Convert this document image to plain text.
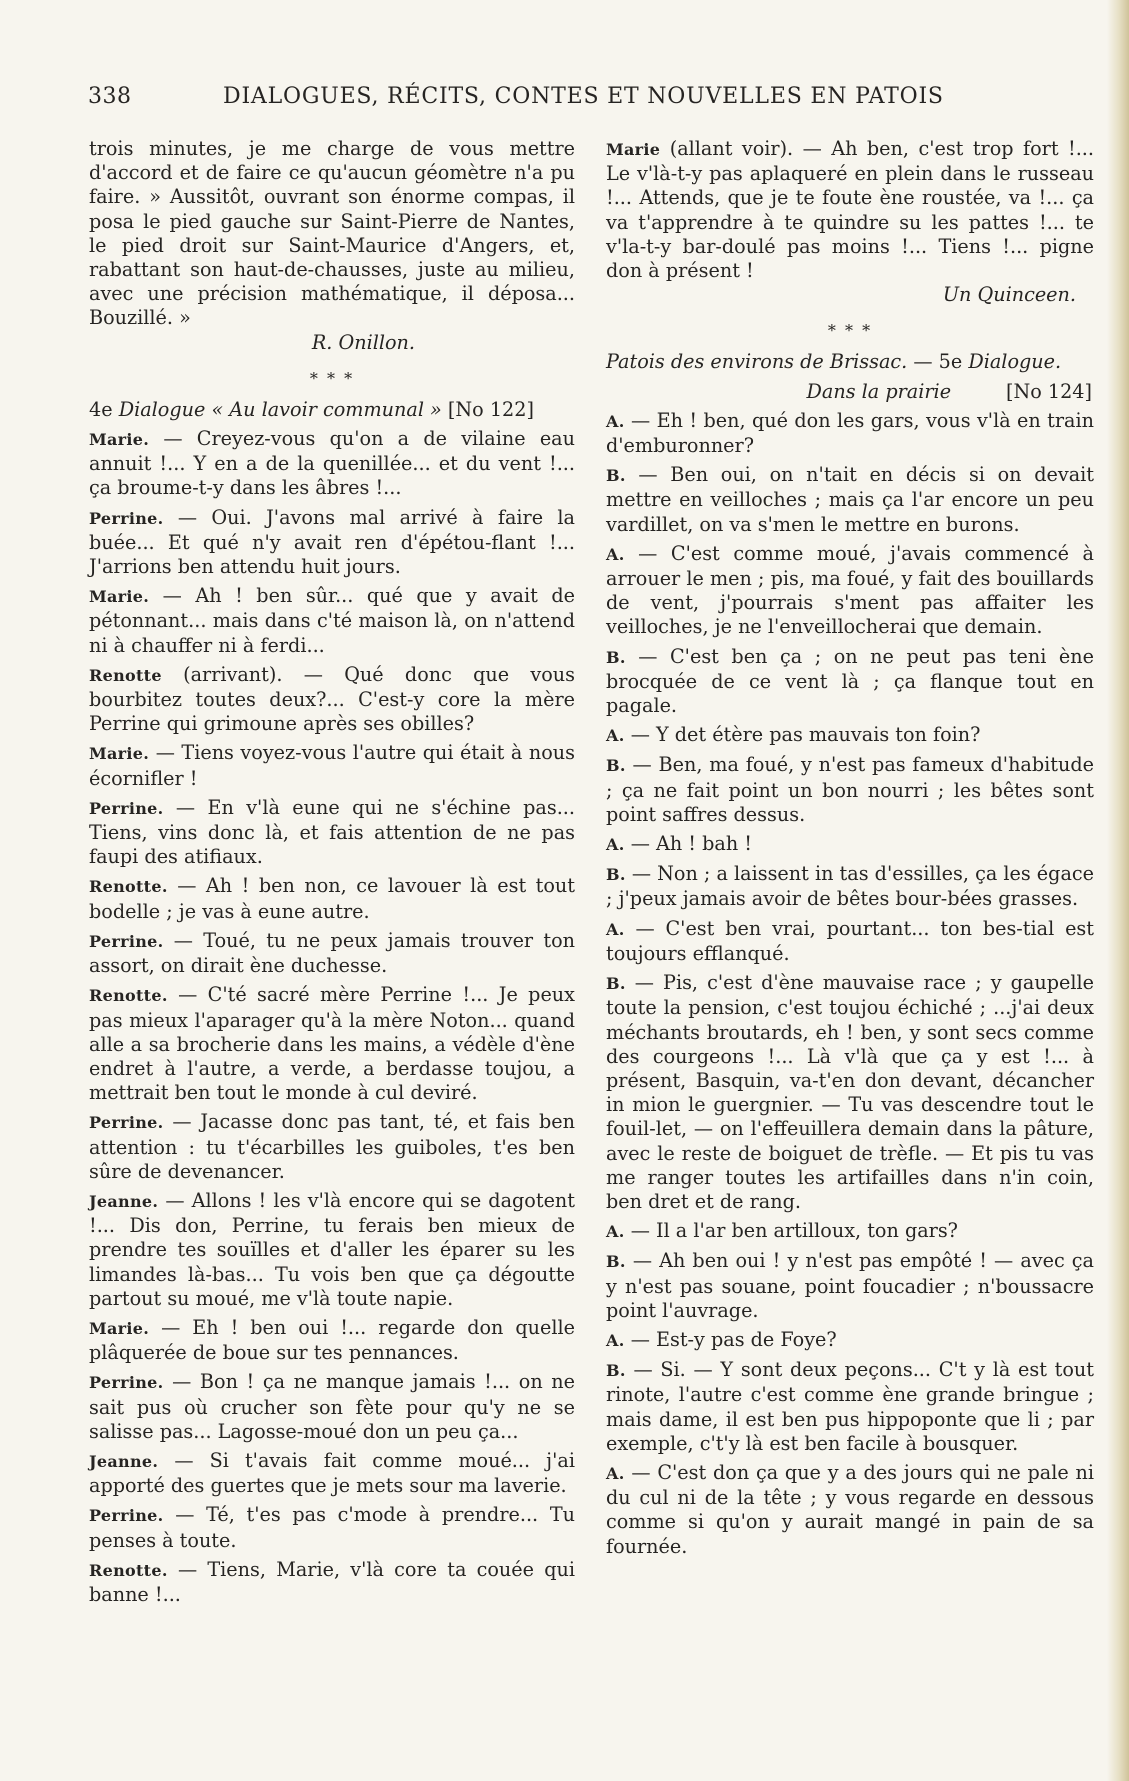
338	DIALOGUES, RÉCITS, CONTES ET NOUVELLES EN PATOIS

trois minutes, je me charge de vous mettre d'accord et de faire ce qu'aucun géomètre n'a pu faire. » Aussitôt, ouvrant son énorme compas, il posa le pied gauche sur Saint-Pierre de Nantes, le pied droit sur Saint-Maurice d'Angers, et, rabattant son haut-de-chausses, juste au milieu, avec une précision mathématique, il déposa... Bouzillé. »

R. Onillon.

* * *

4e Dialogue « Au lavoir communal » [No 122]

Marie. — Creyez-vous qu'on a de vilaine eau annuit !... Y en a de la quenillée... et du vent !... ça broume-t-y dans les âbres !...

Perrine. — Oui. J'avons mal arrivé à faire la buée... Et qué n'y avait ren d'épétou-flant !... J'arrions ben attendu huit jours.

Marie. — Ah ! ben sûr... qué que y avait de pétonnant... mais dans c'té maison là, on n'attend ni à chauffer ni à ferdi...

Renotte (arrivant). — Qué donc que vous bourbitez toutes deux?... C'est-y core la mère Perrine qui grimoune après ses obilles?

Marie. — Tiens voyez-vous l'autre qui était à nous écornifler !

Perrine. — En v'là eune qui ne s'échine pas... Tiens, vins donc là, et fais attention de ne pas faupi des atifiaux.

Renotte. — Ah ! ben non, ce lavouer là est tout bodelle ; je vas à eune autre.

Perrine. — Toué, tu ne peux jamais trouver ton assort, on dirait ène duchesse.

Renotte. — C'té sacré mère Perrine !... Je peux pas mieux l'aparager qu'à la mère Noton... quand alle a sa brocherie dans les mains, a védèle d'ène endret à l'autre, a verde, a berdasse toujou, a mettrait ben tout le monde à cul deviré.

Perrine. — Jacasse donc pas tant, té, et fais ben attention : tu t'écarbilles les guiboles, t'es ben sûre de devenancer.

Jeanne. — Allons ! les v'là encore qui se dagotent !... Dis don, Perrine, tu ferais ben mieux de prendre tes souïlles et d'aller les éparer su les limandes là-bas... Tu vois ben que ça dégoutte partout su moué, me v'là toute napie.

Marie. — Eh ! ben oui !... regarde don quelle plâquerée de boue sur tes pennances.

Perrine. — Bon ! ça ne manque jamais !... on ne sait pus où crucher son fète pour qu'y ne se salisse pas... Lagosse-moué don un peu ça...

Jeanne. — Si t'avais fait comme moué... j'ai apporté des guertes que je mets sour ma laverie.

Perrine. — Té, t'es pas c'mode à prendre... Tu penses à toute.

Renotte. — Tiens, Marie, v'là core ta couée qui banne !...

Marie (allant voir). — Ah ben, c'est trop fort !... Le v'là-t-y pas aplaqueré en plein dans le russeau !... Attends, que je te foute ène roustée, va !... ça va t'apprendre à te quindre su les pattes !... te v'la-t-y bar-doulé pas moins !... Tiens !... pigne don à présent !

Un Quinceen.

* * *

Patois des environs de Brissac. — 5e Dialogue.

Dans la prairie	[No 124]

A. — Eh ! ben, qué don les gars, vous v'là en train d'emburonner?

B. — Ben oui, on n'tait en décis si on devait mettre en veilloches ; mais ça l'ar encore un peu vardillet, on va s'men le mettre en burons.

A. — C'est comme moué, j'avais commencé à arrouer le men ; pis, ma foué, y fait des bouillards de vent, j'pourrais s'ment pas affaiter les veilloches, je ne l'enveillocherai que demain.

B. — C'est ben ça ; on ne peut pas teni ène brocquée de ce vent là ; ça flanque tout en pagale.

A. — Y det étère pas mauvais ton foin?

B. — Ben, ma foué, y n'est pas fameux d'habitude ; ça ne fait point un bon nourri ; les bêtes sont point saffres dessus.

A. — Ah ! bah !

B. — Non ; a laissent in tas d'essilles, ça les égace ; j'peux jamais avoir de bêtes bour-bées grasses.

A. — C'est ben vrai, pourtant... ton bes-tial est toujours efflanqué.

B. — Pis, c'est d'ène mauvaise race ; y gaupelle toute la pension, c'est toujou échiché ; ...j'ai deux méchants broutards, eh ! ben, y sont secs comme des courgeons !... Là v'là que ça y est !... à présent, Basquin, va-t'en don devant, décancher in mion le guergnier. — Tu vas descendre tout le fouil-let, — on l'effeuillera demain dans la pâture, avec le reste de boiguet de trèfle. — Et pis tu vas me ranger toutes les artifailles dans n'in coin, ben dret et de rang.

A. — Il a l'ar ben artilloux, ton gars?

B. — Ah ben oui ! y n'est pas empôté ! — avec ça y n'est pas souane, point foucadier ; n'boussacre point l'auvrage.

A. — Est-y pas de Foye?

B. — Si. — Y sont deux peçons... C't y là est tout rinote, l'autre c'est comme ène grande bringue ; mais dame, il est ben pus hippoponte que li ; par exemple, c't'y là est ben facile à bousquer.

A. — C'est don ça que y a des jours qui ne pale ni du cul ni de la tête ; y vous regarde en dessous comme si qu'on y aurait mangé in pain de sa fournée.
